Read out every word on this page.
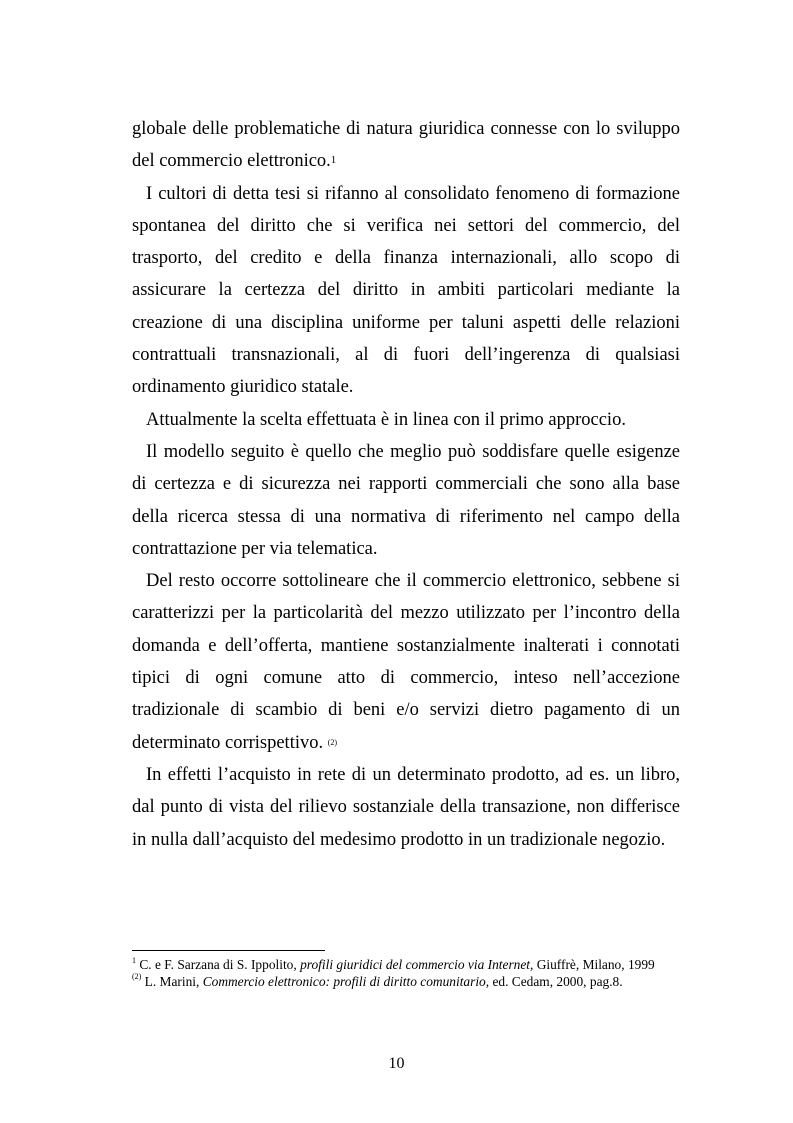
globale delle problematiche di natura giuridica connesse con lo sviluppo del commercio elettronico.$^1$

I cultori di detta tesi si rifanno al consolidato fenomeno di formazione spontanea del diritto che si verifica nei settori del commercio, del trasporto, del credito e della finanza internazionali, allo scopo di assicurare la certezza del diritto in ambiti particolari mediante la creazione di una disciplina uniforme per taluni aspetti delle relazioni contrattuali transnazionali, al di fuori dell’ingerenza di qualsiasi ordinamento giuridico statale.

Attualmente la scelta effettuata è in linea con il primo approccio.

Il modello seguito è quello che meglio può soddisfare quelle esigenze di certezza e di sicurezza nei rapporti commerciali che sono alla base della ricerca stessa di una normativa di riferimento nel campo della contrattazione per via telematica.

Del resto occorre sottolineare che il commercio elettronico, sebbene si caratterizzi per la particolarità del mezzo utilizzato per l’incontro della domanda e dell’offerta, mantiene sostanzialmente inalterati i connotati tipici di ogni comune atto di commercio, inteso nell’accezione tradizionale di scambio di beni e/o servizi dietro pagamento di un determinato corrispettivo. $^{(2)}$

In effetti l’acquisto in rete di un determinato prodotto, ad es. un libro, dal punto di vista del rilievo sostanziale della transazione, non differisce in nulla dall’acquisto del medesimo prodotto in un tradizionale negozio.

$^1$ C. e F. Sarzana di S. Ippolito, profili giuridici del commercio via Internet, Giuffrè, Milano, 1999

$^{(2)}$ L. Marini, Commercio elettronico: profili di diritto comunitario, ed. Cedam, 2000, pag.8.

10
